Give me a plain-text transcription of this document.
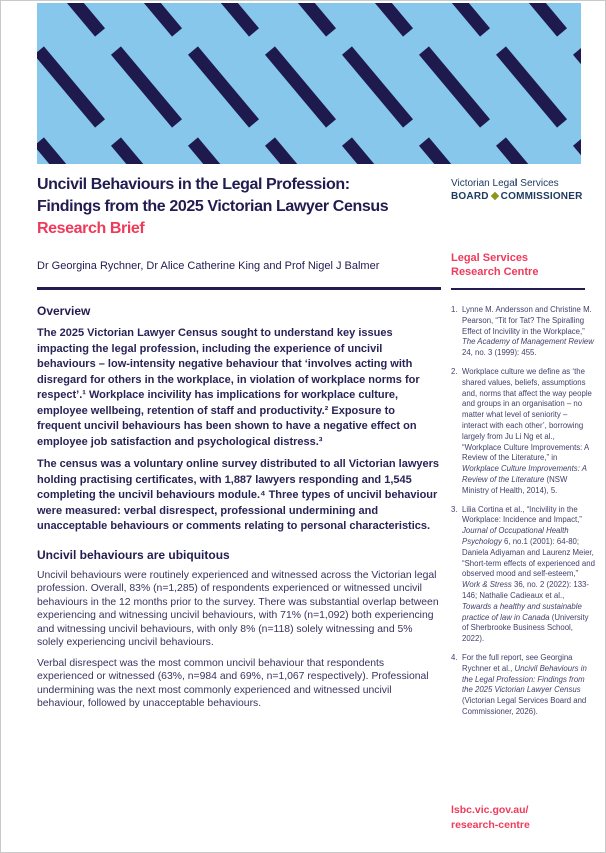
Uncivil Behaviours in the Legal Profession:
Findings from the 2025 Victorian Lawyer Census
Research Brief
Dr Georgina Rychner, Dr Alice Catherine King and Prof Nigel J Balmer
Overview

The 2025 Victorian Lawyer Census sought to understand key issues impacting the legal profession, including the experience of uncivil behaviours – low-intensity negative behaviour that ‘involves acting with disregard for others in the workplace, in violation of workplace norms for respect’.¹ Workplace incivility has implications for workplace culture, employee wellbeing, retention of staff and productivity.² Exposure to frequent uncivil behaviours has been shown to have a negative effect on employee job satisfaction and psychological distress.³

The census was a voluntary online survey distributed to all Victorian lawyers holding practising certificates, with 1,887 lawyers responding and 1,545 completing the uncivil behaviours module.⁴ Three types of uncivil behaviour were measured: verbal disrespect, professional undermining and unacceptable behaviours or comments relating to personal characteristics.

Uncivil behaviours are ubiquitous

Uncivil behaviours were routinely experienced and witnessed across the Victorian legal profession. Overall, 83% (n=1,285) of respondents experienced or witnessed uncivil behaviours in the 12 months prior to the survey. There was substantial overlap between experiencing and witnessing uncivil behaviours, with 71% (n=1,092) both experiencing and witnessing uncivil behaviours, with only 8% (n=118) solely witnessing and 5% solely experiencing uncivil behaviours.

Verbal disrespect was the most common uncivil behaviour that respondents experienced or witnessed (63%, n=984 and 69%, n=1,067 respectively). Professional undermining was the next most commonly experienced and witnessed uncivil behaviour, followed by unacceptable behaviours.

Victorian Legal Services
BOARD COMMISSIONER
Legal Services
Research Centre
1. Lynne M. Andersson and Christine M. Pearson, “Tit for Tat? The Spiralling Effect of Incivility in the Workplace,” The Academy of Management Review 24, no. 3 (1999): 455.
2. Workplace culture we define as ‘the shared values, beliefs, assumptions and, norms that affect the way people and groups in an organisation – no matter what level of seniority – interact with each other’, borrowing largely from Ju Li Ng et al., “Workplace Culture Improvements: A Review of the Literature,” in Workplace Culture Improvements: A Review of the Literature (NSW Ministry of Health, 2014), 5.
3. Lilia Cortina et al., “Incivility in the Workplace: Incidence and Impact,” Journal of Occupational Health Psychology 6, no.1 (2001): 64-80; Daniela Adiyaman and Laurenz Meier, “Short-term effects of experienced and observed mood and self-esteem,” Work & Stress 36, no. 2 (2022): 133-146; Nathalie Cadieaux et al., Towards a healthy and sustainable practice of law in Canada (University of Sherbrooke Business School, 2022).
4. For the full report, see Georgina Rychner et al., Uncivil Behaviours in the Legal Profession: Findings from the 2025 Victorian Lawyer Census (Victorian Legal Services Board and Commissioner, 2026).
lsbc.vic.gov.au/
research-centre
